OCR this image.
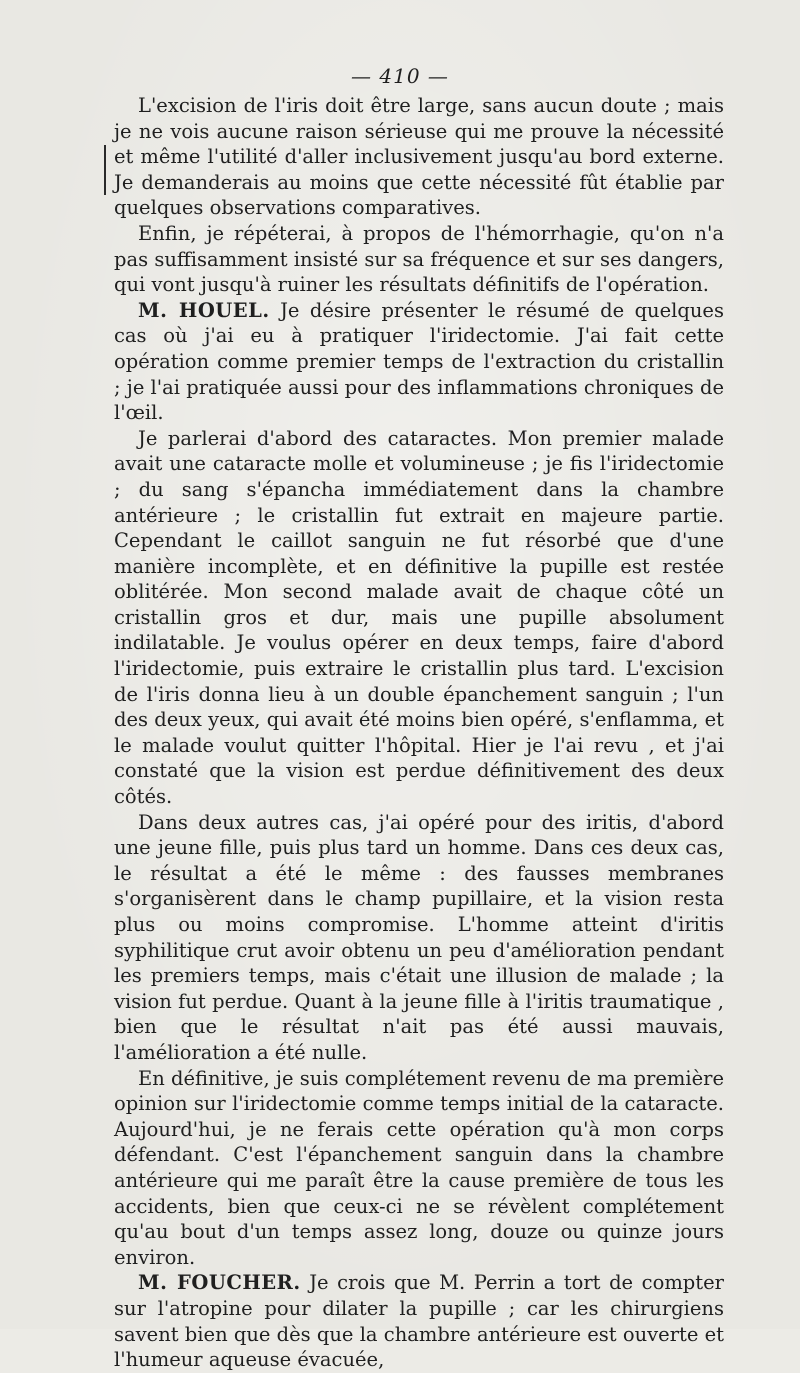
— 410 —

L'excision de l'iris doit être large, sans aucun doute ; mais je ne vois aucune raison sérieuse qui me prouve la nécessité et même l'utilité d'aller inclusivement jusqu'au bord externe. Je demanderais au moins que cette nécessité fût établie par quelques observations comparatives.

Enfin, je répéterai, à propos de l'hémorrhagie, qu'on n'a pas suffisamment insisté sur sa fréquence et sur ses dangers, qui vont jusqu'à ruiner les résultats définitifs de l'opération.

M. HOUEL. Je désire présenter le résumé de quelques cas où j'ai eu à pratiquer l'iridectomie. J'ai fait cette opération comme premier temps de l'extraction du cristallin ; je l'ai pratiquée aussi pour des inflammations chroniques de l'œil.

Je parlerai d'abord des cataractes. Mon premier malade avait une cataracte molle et volumineuse ; je fis l'iridectomie ; du sang s'épancha immédiatement dans la chambre antérieure ; le cristallin fut extrait en majeure partie. Cependant le caillot sanguin ne fut résorbé que d'une manière incomplète, et en définitive la pupille est restée oblitérée. Mon second malade avait de chaque côté un cristallin gros et dur, mais une pupille absolument indilatable. Je voulus opérer en deux temps, faire d'abord l'iridectomie, puis extraire le cristallin plus tard. L'excision de l'iris donna lieu à un double épanchement sanguin ; l'un des deux yeux, qui avait été moins bien opéré, s'enflamma, et le malade voulut quitter l'hôpital. Hier je l'ai revu , et j'ai constaté que la vision est perdue définitivement des deux côtés.

Dans deux autres cas, j'ai opéré pour des iritis, d'abord une jeune fille, puis plus tard un homme. Dans ces deux cas, le résultat a été le même : des fausses membranes s'organisèrent dans le champ pupillaire, et la vision resta plus ou moins compromise. L'homme atteint d'iritis syphilitique crut avoir obtenu un peu d'amélioration pendant les premiers temps, mais c'était une illusion de malade ; la vision fut perdue. Quant à la jeune fille à l'iritis traumatique , bien que le résultat n'ait pas été aussi mauvais, l'amélioration a été nulle.

En définitive, je suis complétement revenu de ma première opinion sur l'iridectomie comme temps initial de la cataracte. Aujourd'hui, je ne ferais cette opération qu'à mon corps défendant. C'est l'épanchement sanguin dans la chambre antérieure qui me paraît être la cause première de tous les accidents, bien que ceux-ci ne se révèlent complétement qu'au bout d'un temps assez long, douze ou quinze jours environ.

M. FOUCHER. Je crois que M. Perrin a tort de compter sur l'atropine pour dilater la pupille ; car les chirurgiens savent bien que dès que la chambre antérieure est ouverte et l'humeur aqueuse évacuée,
